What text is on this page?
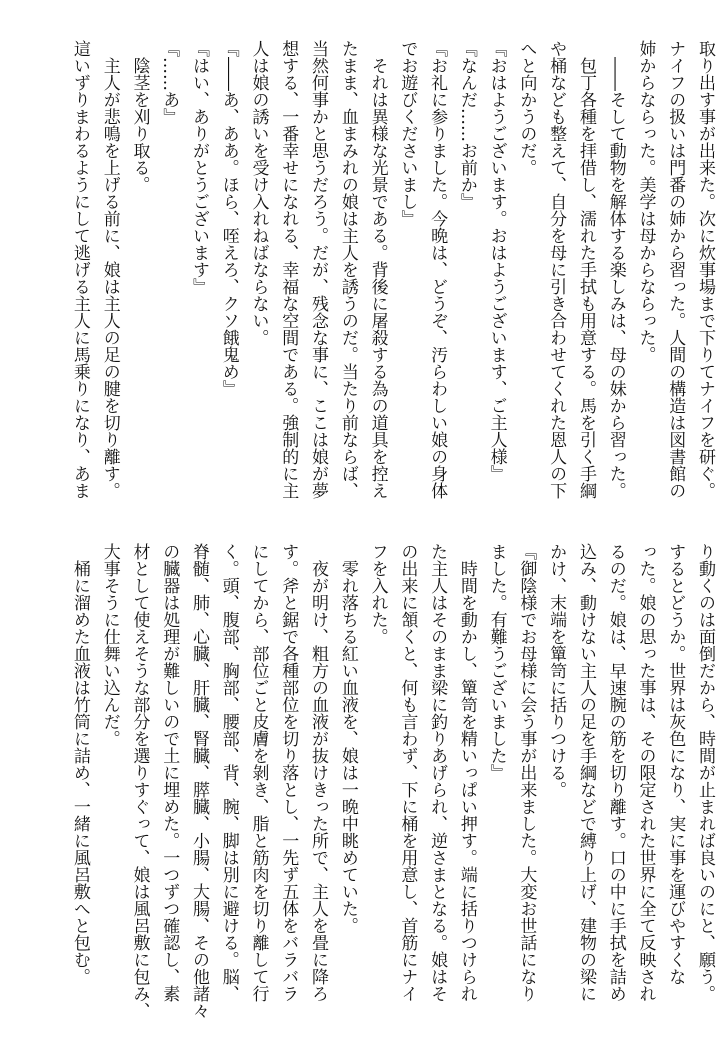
取り出す事が出来た。次に炊事場まで下りてナイフを研ぐ。
ナイフの扱いは門番の姉から習った。人間の構造は図書館の
姉からならった。美学は母からならった。
　――そして動物を解体する楽しみは、母の妹から習った。
　包丁各種を拝借し、濡れた手拭も用意する。馬を引く手綱
や桶なども整えて、自分を母に引き合わせてくれた恩人の下
へと向かうのだ。
『おはようございます。おはようございます、ご主人様』
『なんだ……お前か』
『お礼に参りました。今晩は、どうぞ、汚らわしい娘の身体
でお遊びくださいまし』
　それは異様な光景である。背後に屠殺する為の道具を控え
たまま、血まみれの娘は主人を誘うのだ。当たり前ならば、
当然何事かと思うだろう。だが、残念な事に、ここは娘が夢
想する、一番幸せになれる、幸福な空間である。強制的に主
人は娘の誘いを受け入れねばならない。
『――あ、ああ。ほら、咥えろ、クソ餓鬼め』
『はい、ありがとうございます』
『……あ』
　陰茎を刈り取る。
　主人が悲鳴を上げる前に、娘は主人の足の腱を切り離す。
這いずりまわるようにして逃げる主人に馬乗りになり、あま
り動くのは面倒だから、時間が止まれば良いのにと、願う。
するとどうか。世界は灰色になり、実に事を運びやすくな
った。娘の思った事は、その限定された世界に全て反映され
るのだ。娘は、早速腕の筋を切り離す。口の中に手拭を詰め
込み、動けない主人の足を手綱などで縛り上げ、建物の梁に
かけ、末端を簞笥に括りつける。
『御陰様でお母様に会う事が出来ました。大変お世話になり
ました。有難うございました』
　時間を動かし、簞笥を精いっぱい押す。端に括りつけられ
た主人はそのまま梁に釣りあげられ、逆さまとなる。娘はそ
の出来に頷くと、何も言わず、下に桶を用意し、首筋にナイ
フを入れた。
　零れ落ちる紅い血液を、娘は一晩中眺めていた。
　夜が明け、粗方の血液が抜けきった所で、主人を畳に降ろ
す。斧と鋸で各種部位を切り落とし、一先ず五体をバラバラ
にしてから、部位ごと皮膚を剝き、脂と筋肉を切り離して行
く。頭、腹部、胸部、腰部、背、腕、脚は別に避ける。脳、
脊髄、肺、心臓、肝臓、腎臓、膵臓、小腸、大腸、その他諸々
の臓器は処理が難しいので土に埋めた。一つずつ確認し、素
材として使えそうな部分を選りすぐって、娘は風呂敷に包み、
大事そうに仕舞い込んだ。
　桶に溜めた血液は竹筒に詰め、一緒に風呂敷へと包む。
